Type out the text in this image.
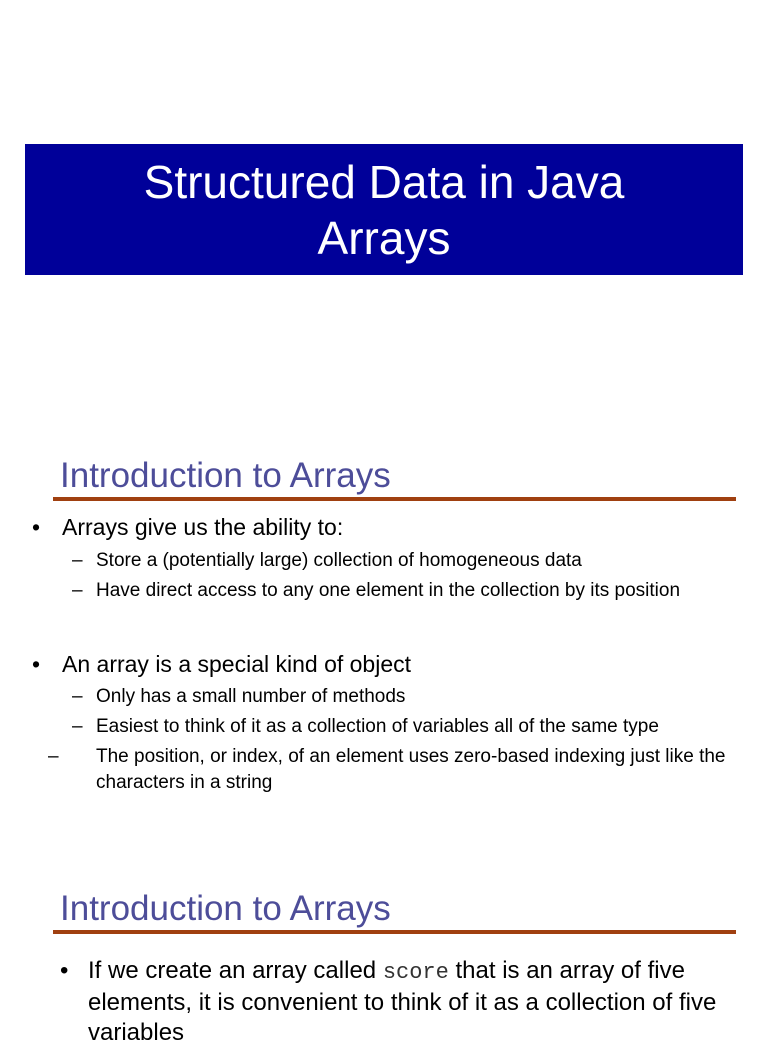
Structured Data in Java
Arrays
Introduction to Arrays
• Arrays give us the ability to:
– Store a (potentially large) collection of homogeneous data
– Have direct access to any one element in the collection by its position
• An array is a special kind of object
– Only has a small number of methods
– Easiest to think of it as a collection of variables all of the same type
– The position, or index, of an element uses zero-based indexing just like the characters in a string
Introduction to Arrays
• If we create an array called score that is an array of five elements, it is convenient to think of it as a collection of five variables
